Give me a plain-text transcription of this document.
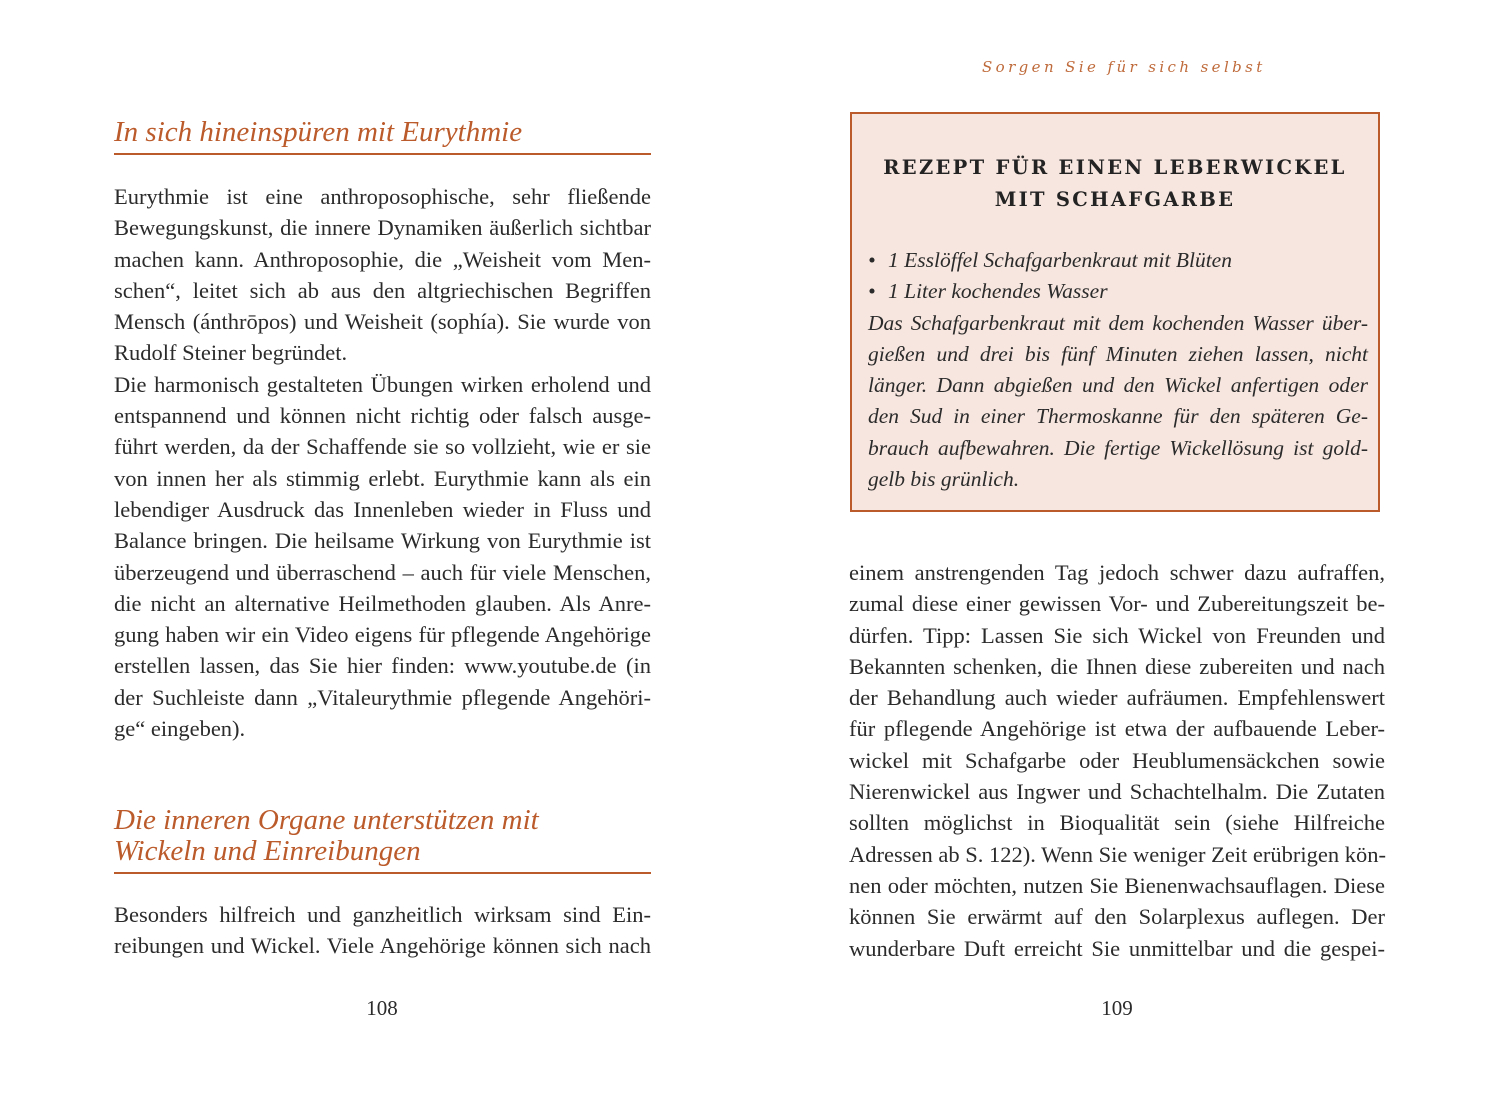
In sich hineinspüren mit Eurythmie
Eurythmie ist eine anthroposophische, sehr fließende
Bewegungskunst, die innere Dynamiken äußerlich sichtbar
machen kann. Anthroposophie, die „Weisheit vom Men-
schen“, leitet sich ab aus den altgriechischen Begriffen
Mensch (ánthrōpos) und Weisheit (sophía). Sie wurde von
Rudolf Steiner begründet.
Die harmonisch gestalteten Übungen wirken erholend und
entspannend und können nicht richtig oder falsch ausge-
führt werden, da der Schaffende sie so vollzieht, wie er sie
von innen her als stimmig erlebt. Eurythmie kann als ein
lebendiger Ausdruck das Innenleben wieder in Fluss und
Balance bringen. Die heilsame Wirkung von Eurythmie ist
überzeugend und überraschend – auch für viele Menschen,
die nicht an alternative Heilmethoden glauben. Als Anre-
gung haben wir ein Video eigens für pflegende Angehörige
erstellen lassen, das Sie hier finden: www.youtube.de (in
der Suchleiste dann „Vitaleurythmie pflegende Angehöri-
ge“ eingeben).
Die inneren Organe unterstützen mit
Wickeln und Einreibungen
Besonders hilfreich und ganzheitlich wirksam sind Ein-
reibungen und Wickel. Viele Angehörige können sich nach
108
Sorgen Sie für sich selbst
REZEPT FÜR EINEN LEBERWICKEL
MIT SCHAFGARBE
• 1 Esslöffel Schafgarbenkraut mit Blüten
• 1 Liter kochendes Wasser
Das Schafgarbenkraut mit dem kochenden Wasser über-
gießen und drei bis fünf Minuten ziehen lassen, nicht
länger. Dann abgießen und den Wickel anfertigen oder
den Sud in einer Thermoskanne für den späteren Ge-
brauch aufbewahren. Die fertige Wickellösung ist gold-
gelb bis grünlich.
einem anstrengenden Tag jedoch schwer dazu aufraffen,
zumal diese einer gewissen Vor- und Zubereitungszeit be-
dürfen. Tipp: Lassen Sie sich Wickel von Freunden und
Bekannten schenken, die Ihnen diese zubereiten und nach
der Behandlung auch wieder aufräumen. Empfehlenswert
für pflegende Angehörige ist etwa der aufbauende Leber-
wickel mit Schafgarbe oder Heublumensäckchen sowie
Nierenwickel aus Ingwer und Schachtelhalm. Die Zutaten
sollten möglichst in Bioqualität sein (siehe Hilfreiche
Adressen ab S. 122). Wenn Sie weniger Zeit erübrigen kön-
nen oder möchten, nutzen Sie Bienenwachsauflagen. Diese
können Sie erwärmt auf den Solarplexus auflegen. Der
wunderbare Duft erreicht Sie unmittelbar und die gespei-
109
